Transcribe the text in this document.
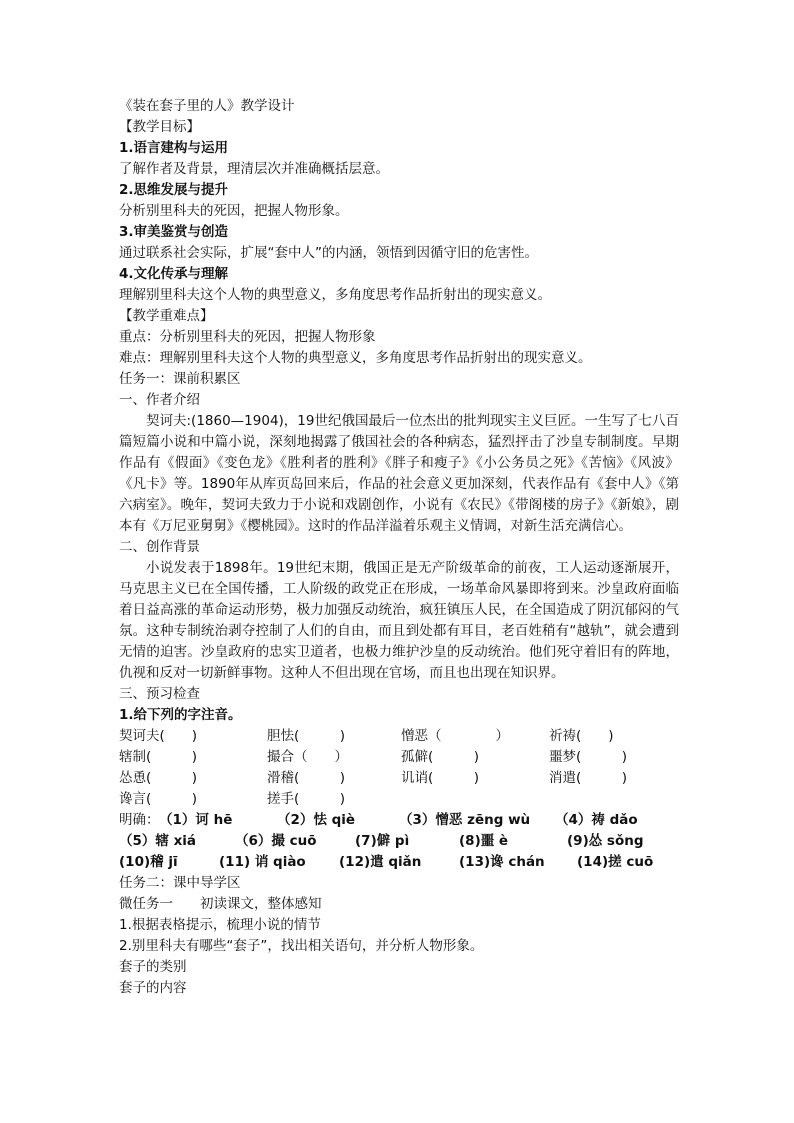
《装在套子里的人》教学设计
【教学目标】
1.语言建构与运用
了解作者及背景，理清层次并准确概括层意。
2.思维发展与提升
分析别里科夫的死因，把握人物形象。
3.审美鉴赏与创造
通过联系社会实际，扩展“套中人”的内涵，领悟到因循守旧的危害性。
4.文化传承与理解
理解别里科夫这个人物的典型意义，多角度思考作品折射出的现实意义。
【教学重难点】
重点：分析别里科夫的死因，把握人物形象
难点：理解别里科夫这个人物的典型意义，多角度思考作品折射出的现实意义。
任务一：课前积累区
一、作者介绍
契诃夫:(1860—1904)，19世纪俄国最后一位杰出的批判现实主义巨匠。一生写了七八百篇短篇小说和中篇小说，深刻地揭露了俄国社会的各种病态，猛烈抨击了沙皇专制制度。早期作品有《假面》《变色龙》《胜利者的胜利》《胖子和瘦子》《小公务员之死》《苦恼》《风波》《凡卡》等。1890年从库页岛回来后，作品的社会意义更加深刻，代表作品有《套中人》《第六病室》。晚年，契诃夫致力于小说和戏剧创作，小说有《农民》《带阁楼的房子》《新娘》，剧本有《万尼亚舅舅》《樱桃园》。这时的作品洋溢着乐观主义情调，对新生活充满信心。
二、创作背景
小说发表于1898年。19世纪末期，俄国正是无产阶级革命的前夜，工人运动逐渐展开，马克思主义已在全国传播，工人阶级的政党正在形成，一场革命风暴即将到来。沙皇政府面临着日益高涨的革命运动形势，极力加强反动统治，疯狂镇压人民，在全国造成了阴沉郁闷的气氛。这种专制统治剥夺控制了人们的自由，而且到处都有耳目，老百姓稍有“越轨”，就会遭到无情的迫害。沙皇政府的忠实卫道者，也极力维护沙皇的反动统治。他们死守着旧有的阵地，仇视和反对一切新鲜事物。这种人不但出现在官场，而且也出现在知识界。
三、预习检查
1.给下列的字注音。
契诃夫(　　)	胆怯(　　　)	憎恶（　　　　）	祈祷(　　)
辖制(　　　)	撮合（　　）	孤僻(　　　)	噩梦(　　　)
怂恿(　　　)	滑稽(　　　)	讥诮(　　　)	消遣(　　　)
谗言(　　　)	搓手(　　　)
明确： （1）诃 hē	（2）怯 qiè	（3）憎恶 zēng wù （4）祷 dǎo
（5）辖 xiá	（6）撮 cuō	(7)僻 pì	(8)噩 è	(9)怂 sǒng
(10)稽 jī	(11) 诮 qiào (12)遣 qiǎn	(13)谗 chán (14)搓 cuō
任务二：课中导学区
微任务一　　初读课文，整体感知
1.根据表格提示，梳理小说的情节
2.别里科夫有哪些“套子”，找出相关语句，并分析人物形象。
套子的类别
套子的内容
